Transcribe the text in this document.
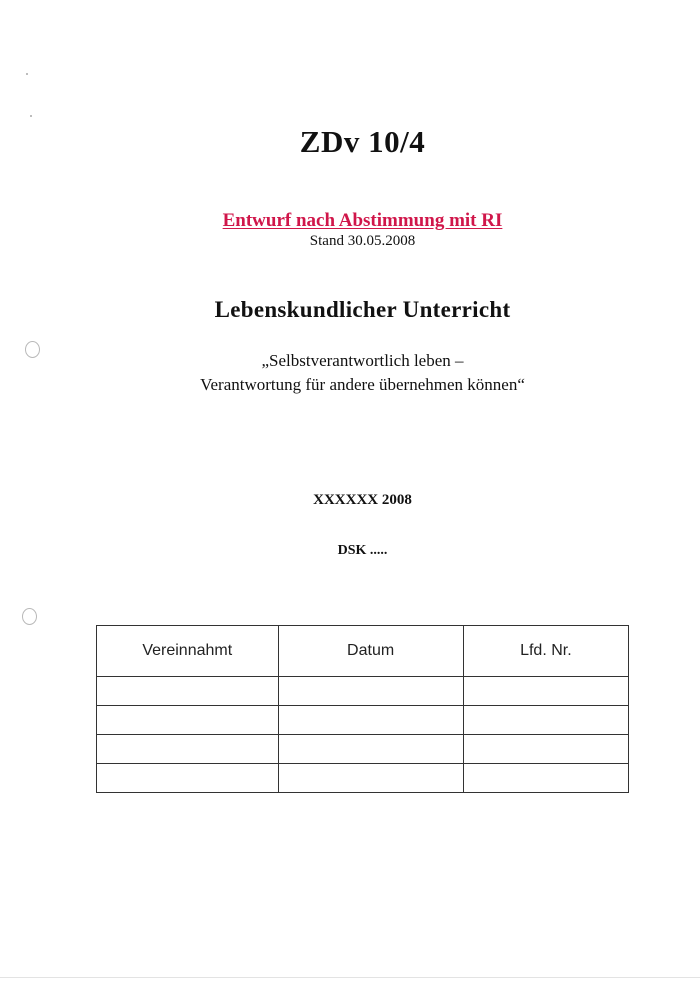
ZDv 10/4

Entwurf nach Abstimmung mit RI

Stand 30.05.2008

Lebenskundlicher Unterricht

„Selbstverantwortlich leben –

Verantwortung für andere übernehmen können“

XXXXXX 2008

DSK .....

Vereinnahmt	Datum	Lfd. Nr.
